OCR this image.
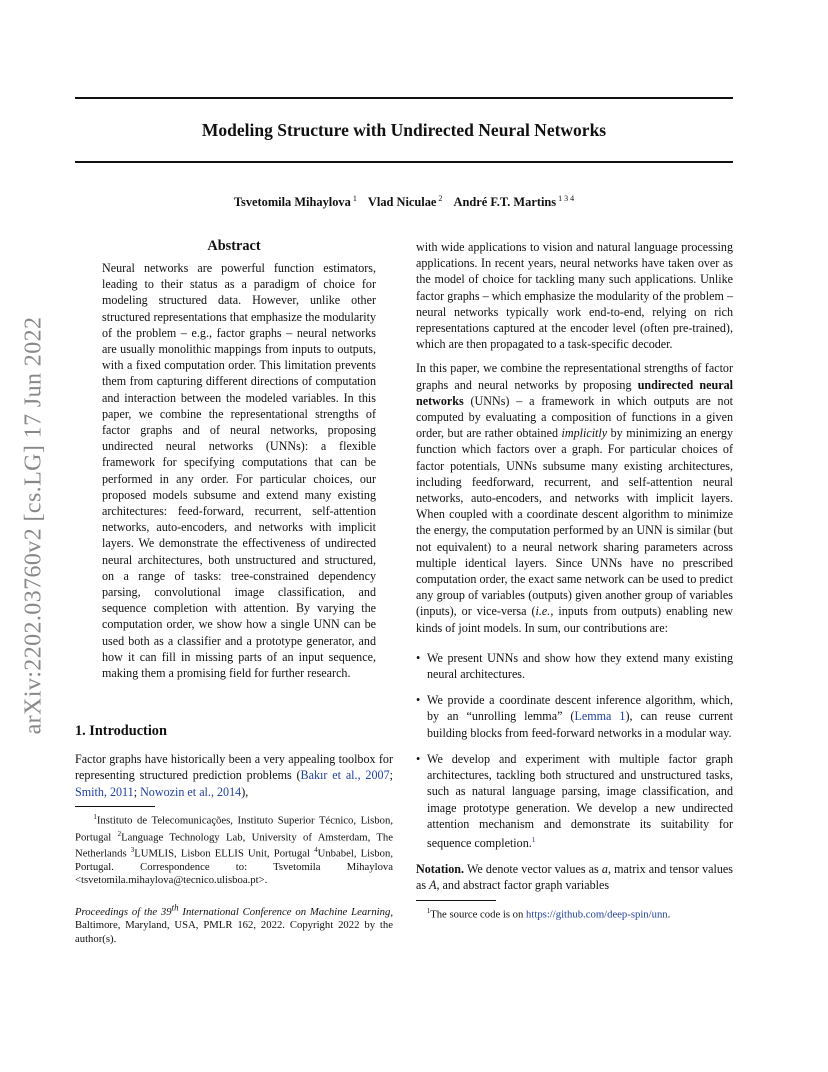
Modeling Structure with Undirected Neural Networks
Tsvetomila Mihaylova $^1$ Vlad Niculae $^2$ André F.T. Martins $^{1 3 4}$
arXiv:2202.03760v2 [cs.LG] 17 Jun 2022
Abstract

Neural networks are powerful function estimators, leading to their status as a paradigm of choice for modeling structured data. However, unlike other structured representations that emphasize the modularity of the problem – e.g., factor graphs – neural networks are usually monolithic mappings from inputs to outputs, with a fixed computation order. This limitation prevents them from capturing different directions of computation and interaction between the modeled variables. In this paper, we combine the representational strengths of factor graphs and of neural networks, proposing undirected neural networks (UNNs): a flexible framework for specifying computations that can be performed in any order. For particular choices, our proposed models subsume and extend many existing architectures: feed-forward, recurrent, self-attention networks, auto-encoders, and networks with implicit layers. We demonstrate the effectiveness of undirected neural architectures, both unstructured and structured, on a range of tasks: tree-constrained dependency parsing, convolutional image classification, and sequence completion with attention. By varying the computation order, we show how a single UNN can be used both as a classifier and a prototype generator, and how it can fill in missing parts of an input sequence, making them a promising field for further research.

1. Introduction

Factor graphs have historically been a very appealing toolbox for representing structured prediction problems (Bakır et al., 2007; Smith, 2011; Nowozin et al., 2014),

$^1$Instituto de Telecomunicações, Instituto Superior Técnico, Lisbon, Portugal $^2$Language Technology Lab, University of Amsterdam, The Netherlands $^3$LUMLIS, Lisbon ELLIS Unit, Portugal $^4$Unbabel, Lisbon, Portugal. Correspondence to: Tsvetomila Mihaylova <tsvetomila.mihaylova@tecnico.ulisboa.pt>.

Proceedings of the 39th International Conference on Machine Learning, Baltimore, Maryland, USA, PMLR 162, 2022. Copyright 2022 by the author(s).

with wide applications to vision and natural language processing applications. In recent years, neural networks have taken over as the model of choice for tackling many such applications. Unlike factor graphs – which emphasize the modularity of the problem – neural networks typically work end-to-end, relying on rich representations captured at the encoder level (often pre-trained), which are then propagated to a task-specific decoder.

In this paper, we combine the representational strengths of factor graphs and neural networks by proposing undirected neural networks (UNNs) – a framework in which outputs are not computed by evaluating a composition of functions in a given order, but are rather obtained implicitly by minimizing an energy function which factors over a graph. For particular choices of factor potentials, UNNs subsume many existing architectures, including feedforward, recurrent, and self-attention neural networks, auto-encoders, and networks with implicit layers. When coupled with a coordinate descent algorithm to minimize the energy, the computation performed by an UNN is similar (but not equivalent) to a neural network sharing parameters across multiple identical layers. Since UNNs have no prescribed computation order, the exact same network can be used to predict any group of variables (outputs) given another group of variables (inputs), or vice-versa (i.e., inputs from outputs) enabling new kinds of joint models. In sum, our contributions are:

• We present UNNs and show how they extend many existing neural architectures.
• We provide a coordinate descent inference algorithm, which, by an “unrolling lemma” (Lemma 1), can reuse current building blocks from feed-forward networks in a modular way.
• We develop and experiment with multiple factor graph architectures, tackling both structured and unstructured tasks, such as natural language parsing, image classification, and image prototype generation. We develop a new undirected attention mechanism and demonstrate its suitability for sequence completion.$^1$

Notation. We denote vector values as a, matrix and tensor values as A, and abstract factor graph variables

$^1$The source code is on https://github.com/deep-spin/unn.
